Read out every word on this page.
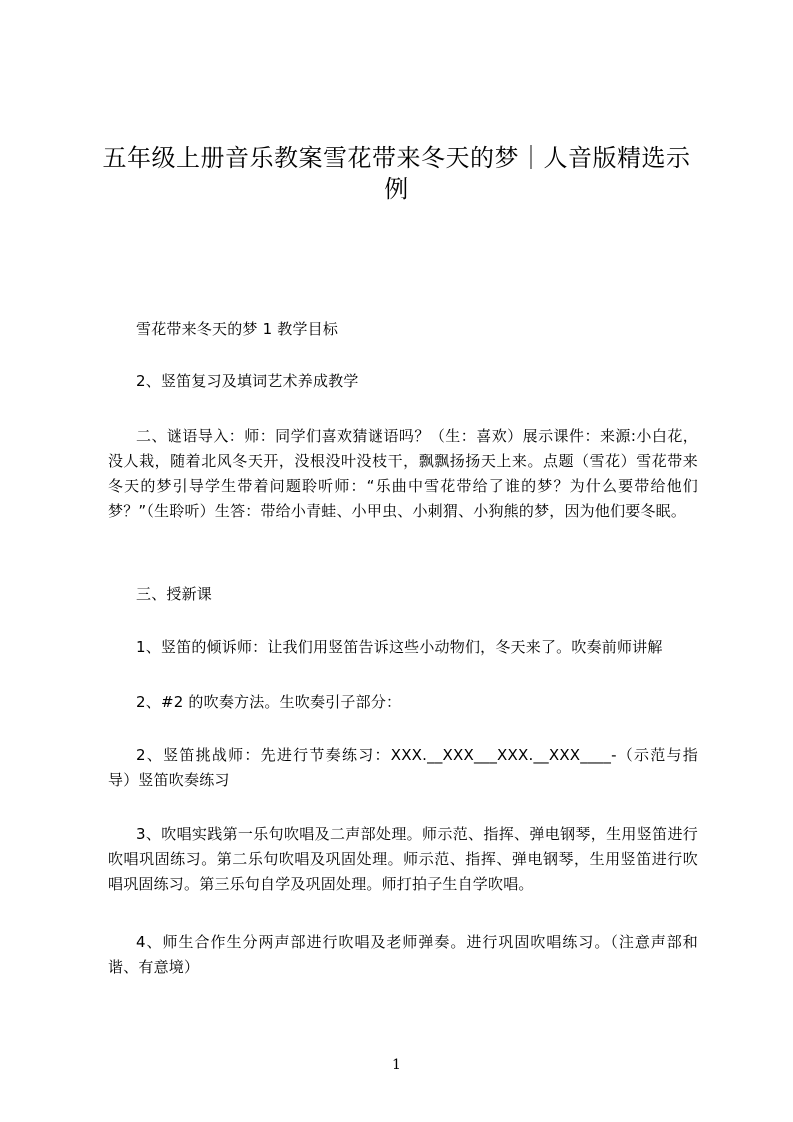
五年级上册音乐教案雪花带来冬天的梦｜人音版精选示例

雪花带来冬天的梦 1 教学目标

2、竖笛复习及填词艺术养成教学

二、谜语导入：师：同学们喜欢猜谜语吗？（生：喜欢）展示课件：来源:小白花，没人栽，随着北风冬天开，没根没叶没枝干，飘飘扬扬天上来。点题（雪花）雪花带来冬天的梦引导学生带着问题聆听师：“乐曲中雪花带给了谁的梦？为什么要带给他们梦？”（生聆听）生答：带给小青蛙、小甲虫、小刺猬、小狗熊的梦，因为他们要冬眠。

三、授新课

1、竖笛的倾诉师：让我们用竖笛告诉这些小动物们，冬天来了。吹奏前师讲解

2、#2 的吹奏方法。生吹奏引子部分：

2、竖笛挑战师：先进行节奏练习：XXX.__XXX___XXX.__XXX____-（示范与指导）竖笛吹奏练习

3、吹唱实践第一乐句吹唱及二声部处理。师示范、指挥、弹电钢琴，生用竖笛进行吹唱巩固练习。第二乐句吹唱及巩固处理。师示范、指挥、弹电钢琴，生用竖笛进行吹唱巩固练习。第三乐句自学及巩固处理。师打拍子生自学吹唱。

4、师生合作生分两声部进行吹唱及老师弹奏。进行巩固吹唱练习。（注意声部和谐、有意境）

1
